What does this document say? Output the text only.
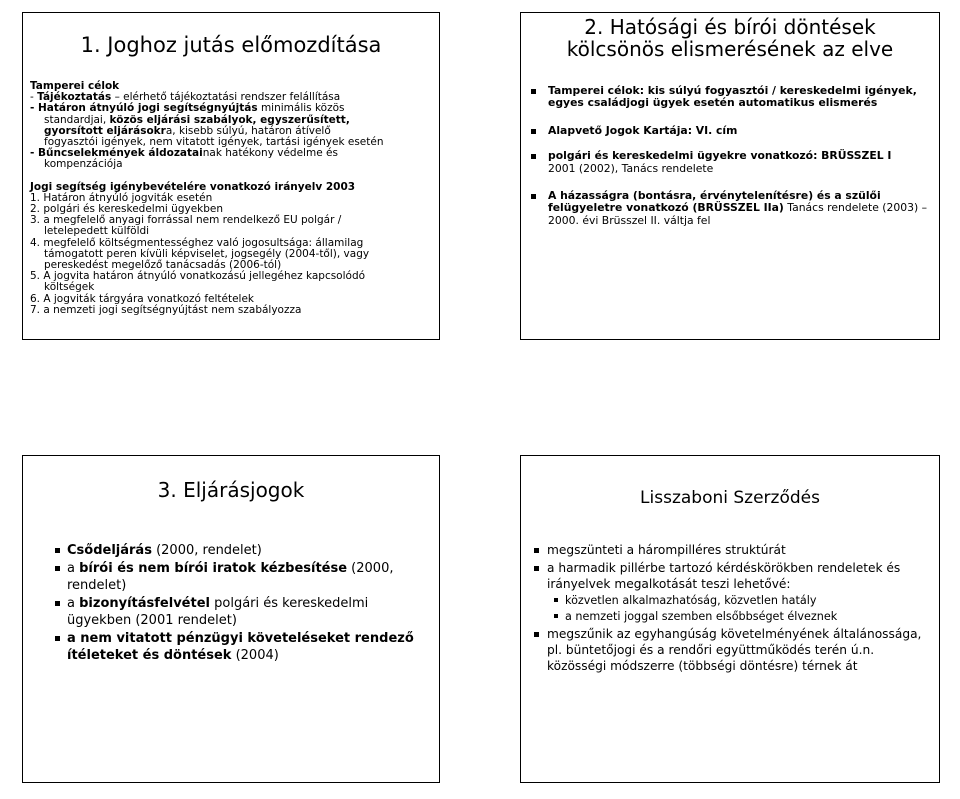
1. Joghoz jutás előmozdítása

Tamperei célok

- Tájékoztatás – elérhető tájékoztatási rendszer felállítása

- Határon átnyúló jogi segítségnyújtás minimális közös

standardjai, közös eljárási szabályok, egyszerűsített,

gyorsított eljárásokra, kisebb súlyú, határon átívelő

fogyasztói igények, nem vitatott igények, tartási igények esetén

- Bűncselekmények áldozatainak hatékony védelme és

kompenzációja

Jogi segítség igénybevételére vonatkozó irányelv 2003

1. Határon átnyúló jogviták esetén

2. polgári és kereskedelmi ügyekben

3. a megfelelő anyagi forrással nem rendelkező EU polgár /

letelepedett külföldi

4. megfelelő költségmentességhez való jogosultsága: államilag

támogatott peren kívüli képviselet, jogsegély (2004-től), vagy

pereskedést megelőző tanácsadás (2006-tól)

5. A jogvita határon átnyúló vonatkozású jellegéhez kapcsolódó

költségek

6. A jogviták tárgyára vonatkozó feltételek

7. a nemzeti jogi segítségnyújtást nem szabályozza

2. Hatósági és bírói döntések
kölcsönös elismerésének az elve
Tamperei célok: kis súlyú fogyasztói / kereskedelmi igények, egyes családjogi ügyek esetén automatikus elismerés
Alapvető Jogok Kartája: VI. cím
polgári és kereskedelmi ügyekre vonatkozó: BRÜSSZEL I
2001 (2002), Tanács rendelete
A házasságra (bontásra, érvénytelenítésre) és a szülői felügyeletre vonatkozó (BRÜSSZEL IIa) Tanács rendelete (2003) – 2000. évi Brüsszel II. váltja fel
3. Eljárásjogok
Csődeljárás (2000, rendelet)
a bírói és nem bírói iratok kézbesítése (2000, rendelet)
a bizonyításfelvétel polgári és kereskedelmi ügyekben (2001 rendelet)
a nem vitatott pénzügyi követeléseket rendező ítéleteket és döntések (2004)
Lisszaboni Szerződés
megszünteti a hárompilléres struktúrát
a harmadik pillérbe tartozó kérdéskörökben rendeletek és irányelvek megalkotását teszi lehetővé:
közvetlen alkalmazhatóság, közvetlen hatály
a nemzeti joggal szemben elsőbbséget élveznek
megszűnik az egyhangúság követelményének általánossága, pl. büntetőjogi és a rendőri együttműködés terén ú.n. közösségi módszerre (többségi döntésre) térnek át
